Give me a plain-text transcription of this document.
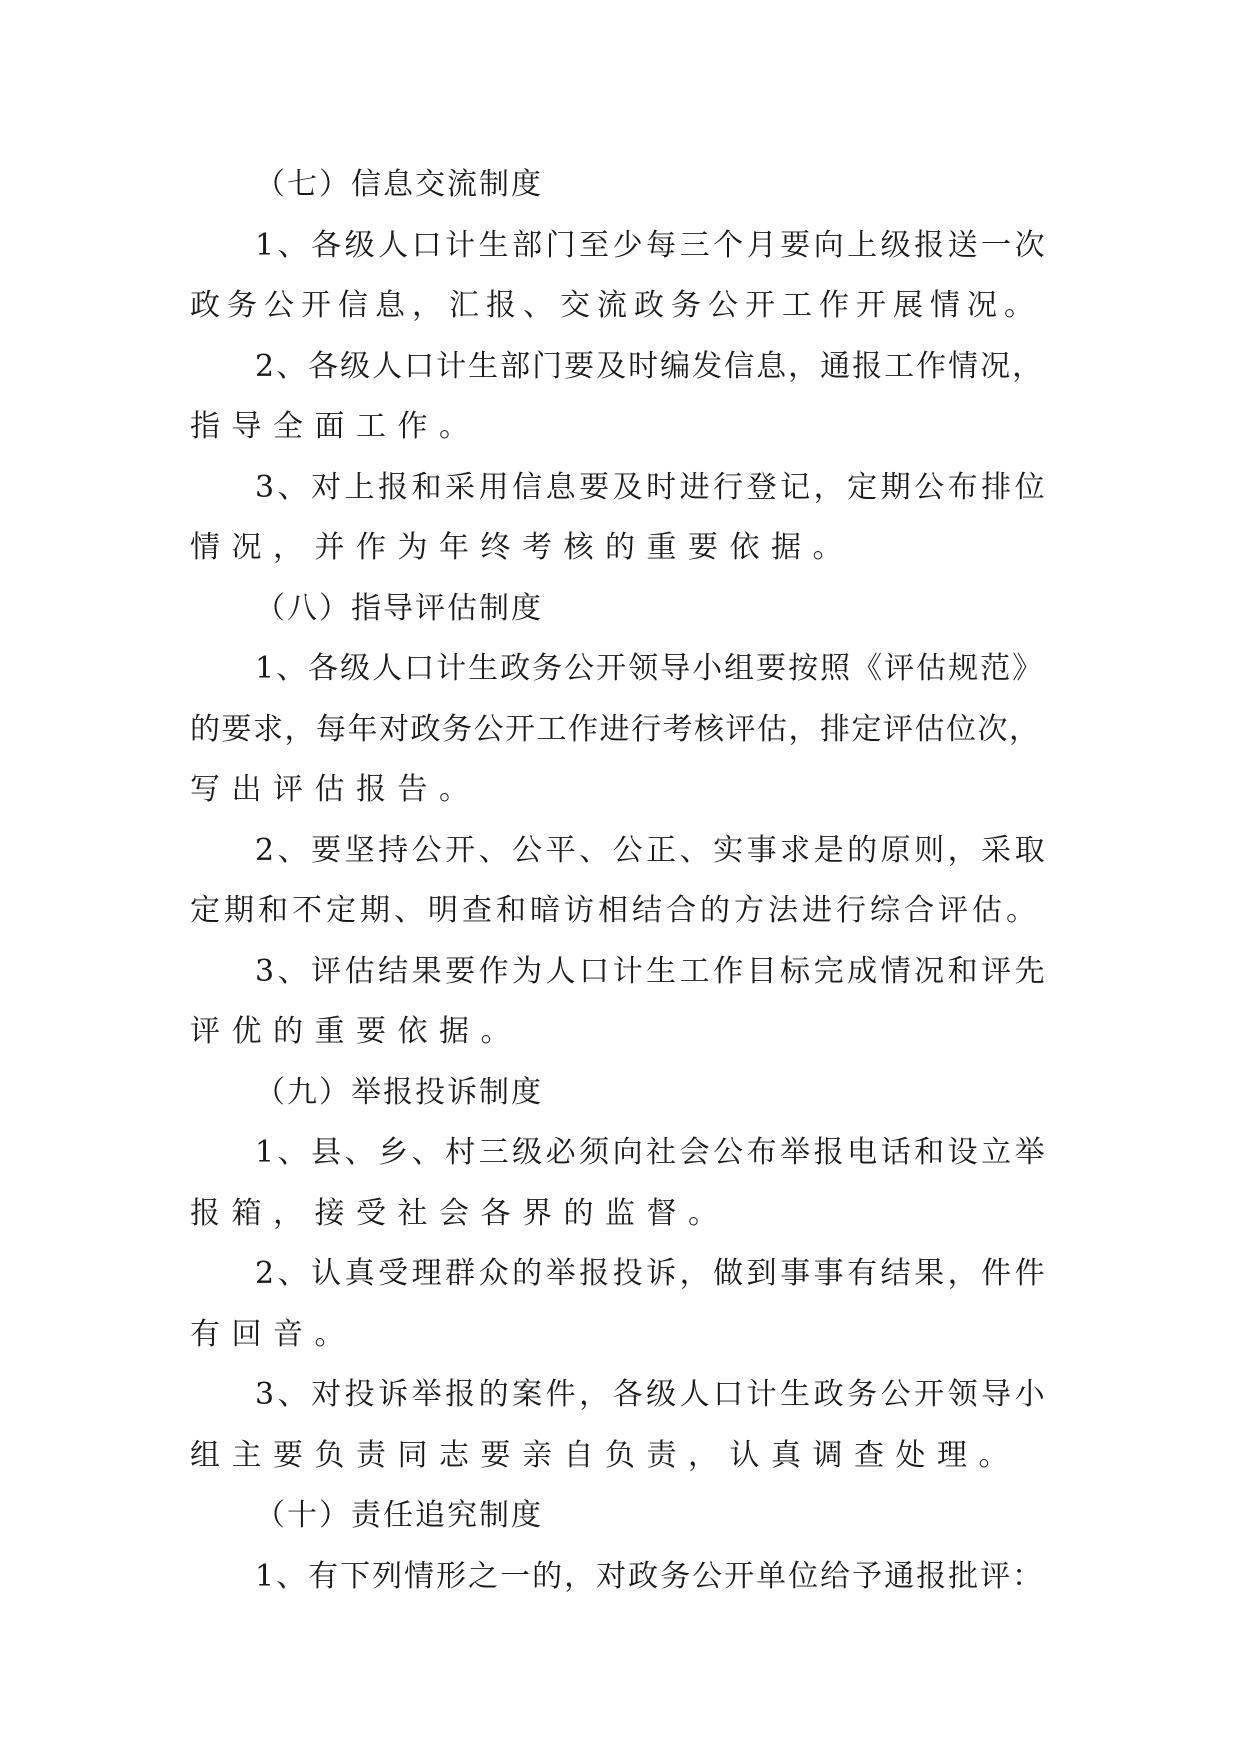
（七）信息交流制度
1、各级人口计生部门至少每三个月要向上级报送一次
政务公开信息，汇报、交流政务公开工作开展情况。
2、各级人口计生部门要及时编发信息，通报工作情况，
指导全面工作。
3、对上报和采用信息要及时进行登记，定期公布排位
情况，并作为年终考核的重要依据。
（八）指导评估制度
1、各级人口计生政务公开领导小组要按照《评估规范》
的要求，每年对政务公开工作进行考核评估，排定评估位次，
写出评估报告。
2、要坚持公开、公平、公正、实事求是的原则，采取
定期和不定期、明查和暗访相结合的方法进行综合评估。
3、评估结果要作为人口计生工作目标完成情况和评先
评优的重要依据。
（九）举报投诉制度
1、县、乡、村三级必须向社会公布举报电话和设立举
报箱，接受社会各界的监督。
2、认真受理群众的举报投诉，做到事事有结果，件件
有回音。
3、对投诉举报的案件，各级人口计生政务公开领导小
组主要负责同志要亲自负责，认真调查处理。
（十）责任追究制度
1、有下列情形之一的，对政务公开单位给予通报批评：
